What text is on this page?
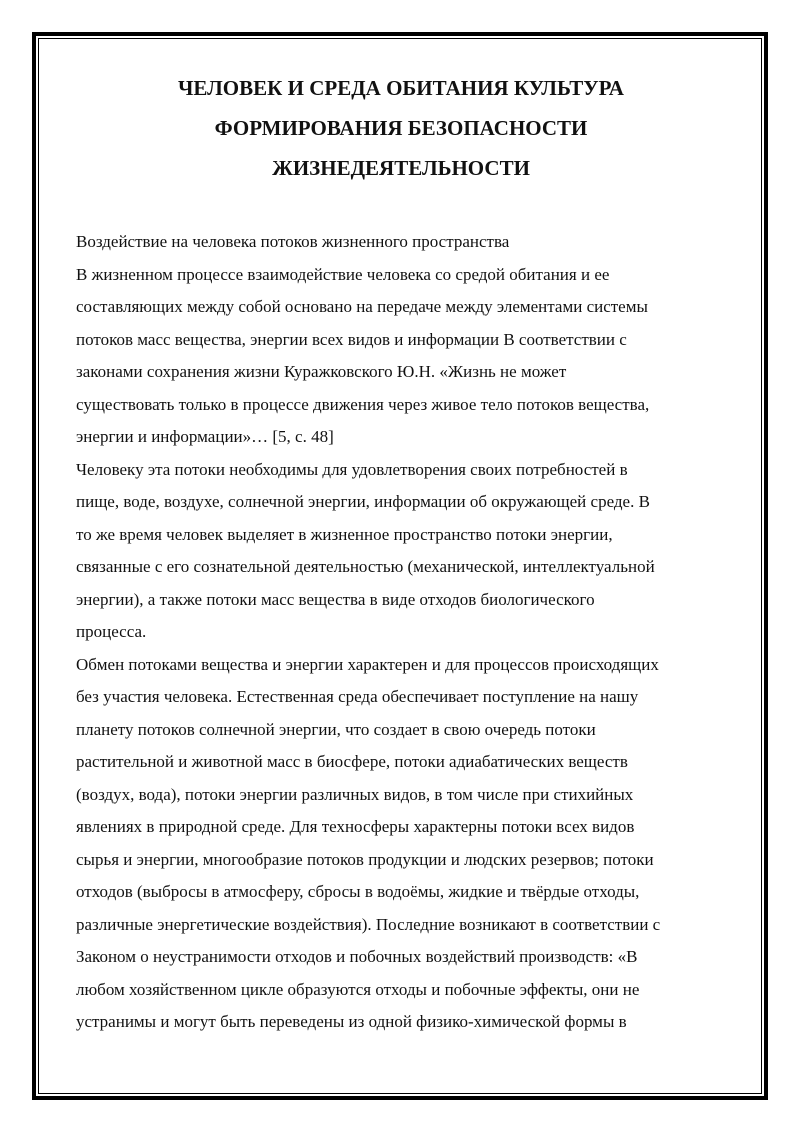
ЧЕЛОВЕК И СРЕДА ОБИТАНИЯ КУЛЬТУРА
ФОРМИРОВАНИЯ БЕЗОПАСНОСТИ
ЖИЗНЕДЕЯТЕЛЬНОСТИ
Воздействие на человека потоков жизненного пространства
В жизненном процессе взаимодействие человека со средой обитания и ее
составляющих между собой основано на передаче между элементами системы
потоков масс вещества, энергии всех видов и информации В соответствии с
законами сохранения жизни Куражковского Ю.Н. «Жизнь не может
существовать только в процессе движения через живое тело потоков вещества,
энергии и информации»… [5, с. 48]
Человеку эта потоки необходимы для удовлетворения своих потребностей в
пище, воде, воздухе, солнечной энергии, информации об окружающей среде. В
то же время человек выделяет в жизненное пространство потоки энергии,
связанные с его сознательной деятельностью (механической, интеллектуальной
энергии), а также потоки масс вещества в виде отходов биологического
процесса.
Обмен потоками вещества и энергии характерен и для процессов происходящих
без участия человека. Естественная среда обеспечивает поступление на нашу
планету потоков солнечной энергии, что создает в свою очередь потоки
растительной и животной масс в биосфере, потоки адиабатических веществ
(воздух, вода), потоки энергии различных видов, в том числе при стихийных
явлениях в природной среде. Для техносферы характерны потоки всех видов
сырья и энергии, многообразие потоков продукции и людских резервов; потоки
отходов (выбросы в атмосферу, сбросы в водоёмы, жидкие и твёрдые отходы,
различные энергетические воздействия). Последние возникают в соответствии с
Законом о неустранимости отходов и побочных воздействий производств: «В
любом хозяйственном цикле образуются отходы и побочные эффекты, они не
устранимы и могут быть переведены из одной физико-химической формы в
